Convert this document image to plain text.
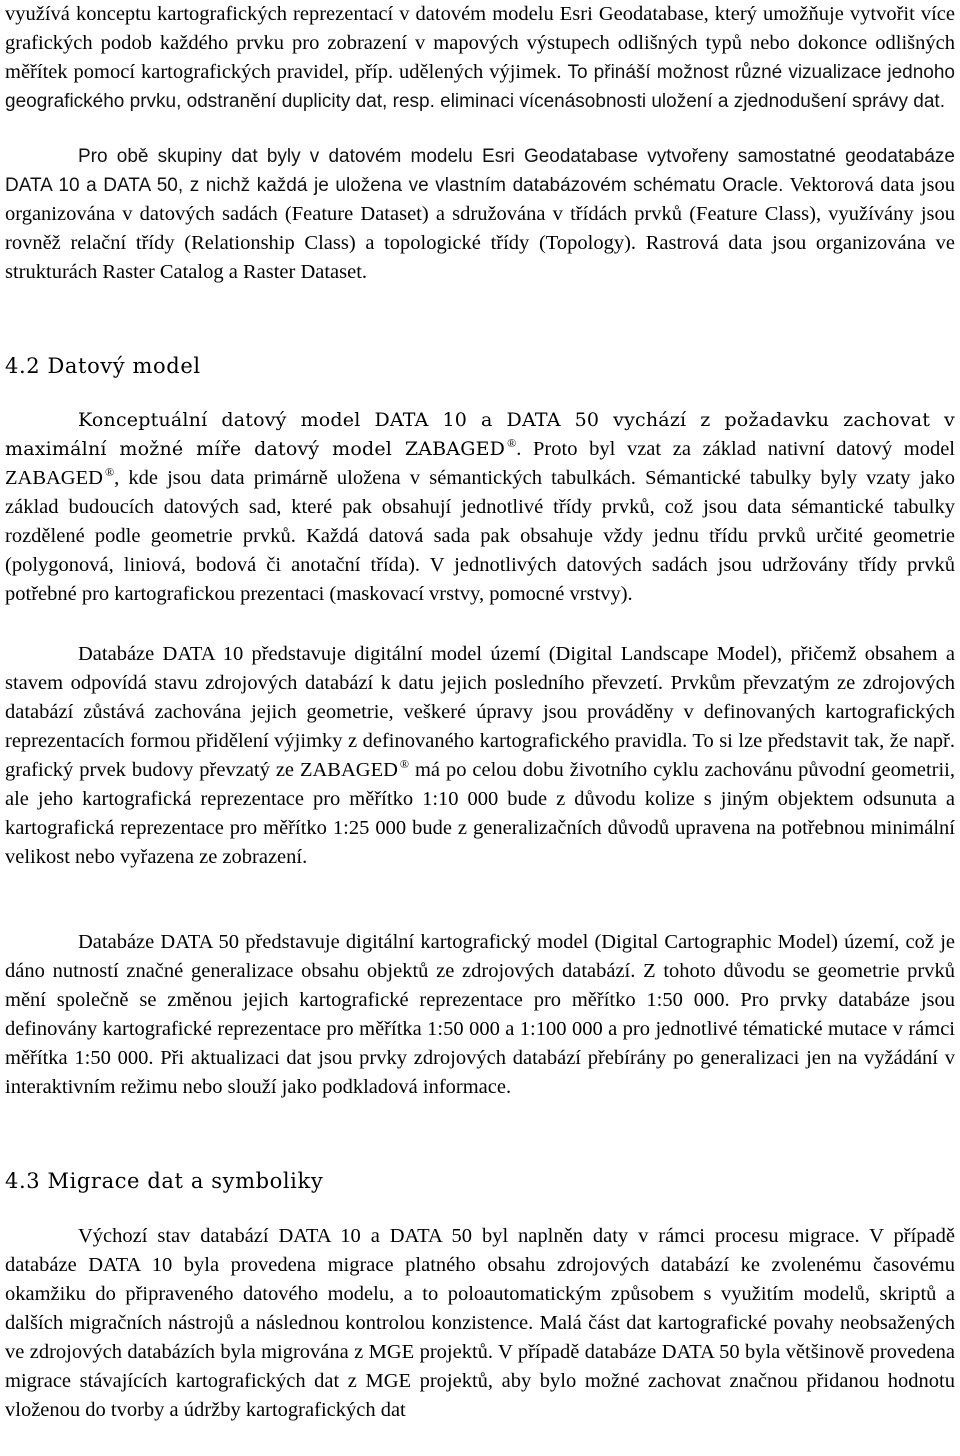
využívá konceptu kartografických reprezentací v datovém modelu Esri Geodatabase, který umožňuje vytvořit více grafických podob každého prvku pro zobrazení v mapových výstupech odlišných typů nebo dokonce odlišných měřítek pomocí kartografických pravidel, příp. udělených výjimek. To přináší možnost různé vizualizace jednoho geografického prvku, odstranění duplicity dat, resp. eliminaci vícenásobnosti uložení a zjednodušení správy dat.

Pro obě skupiny dat byly v datovém modelu Esri Geodatabase vytvořeny samostatné geodatabáze DATA 10 a DATA 50, z nichž každá je uložena ve vlastním databázovém schématu Oracle. Vektorová data jsou organizována v datových sadách (Feature Dataset) a sdružována v třídách prvků (Feature Class), využívány jsou rovněž relační třídy (Relationship Class) a topologické třídy (Topology). Rastrová data jsou organizována ve strukturách Raster Catalog a Raster Dataset.

4.2 Datový model

Konceptuální datový model DATA 10 a DATA 50 vychází z požadavku zachovat v maximální možné míře datový model ZABAGED ®. Proto byl vzat za základ nativní datový model ZABAGED ®, kde jsou data primárně uložena v sémantických tabulkách. Sémantické tabulky byly vzaty jako základ budoucích datových sad, které pak obsahují jednotlivé třídy prvků, což jsou data sémantické tabulky rozdělené podle geometrie prvků. Každá datová sada pak obsahuje vždy jednu třídu prvků určité geometrie (polygonová, liniová, bodová či anotační třída). V jednotlivých datových sadách jsou udržovány třídy prvků potřebné pro kartografickou prezentaci (maskovací vrstvy, pomocné vrstvy).

Databáze DATA 10 představuje digitální model území (Digital Landscape Model), přičemž obsahem a stavem odpovídá stavu zdrojových databází k datu jejich posledního převzetí. Prvkům převzatým ze zdrojových databází zůstává zachována jejich geometrie, veškeré úpravy jsou prováděny v definovaných kartografických reprezentacích formou přidělení výjimky z definovaného kartografického pravidla. To si lze představit tak, že např. grafický prvek budovy převzatý ze ZABAGED ® má po celou dobu životního cyklu zachovánu původní geometrii, ale jeho kartografická reprezentace pro měřítko 1:10 000 bude z důvodu kolize s jiným objektem odsunuta a kartografická reprezentace pro měřítko 1:25 000 bude z generalizačních důvodů upravena na potřebnou minimální velikost nebo vyřazena ze zobrazení.

Databáze DATA 50 představuje digitální kartografický model (Digital Cartographic Model) území, což je dáno nutností značné generalizace obsahu objektů ze zdrojových databází. Z tohoto důvodu se geometrie prvků mění společně se změnou jejich kartografické reprezentace pro měřítko 1:50 000. Pro prvky databáze jsou definovány kartografické reprezentace pro měřítka 1:50 000 a 1:100 000 a pro jednotlivé tématické mutace v rámci měřítka 1:50 000. Při aktualizaci dat jsou prvky zdrojových databází přebírány po generalizaci jen na vyžádání v interaktivním režimu nebo slouží jako podkladová informace.

4.3 Migrace dat a symboliky

Výchozí stav databází DATA 10 a DATA 50 byl naplněn daty v rámci procesu migrace. V případě databáze DATA 10 byla provedena migrace platného obsahu zdrojových databází ke zvolenému časovému okamžiku do připraveného datového modelu, a to poloautomatickým způsobem s využitím modelů, skriptů a dalších migračních nástrojů a následnou kontrolou konzistence. Malá část dat kartografické povahy neobsažených ve zdrojových databázích byla migrována z MGE projektů. V případě databáze DATA 50 byla většinově provedena migrace stávajících kartografických dat z MGE projektů, aby bylo možné zachovat značnou přidanou hodnotu vloženou do tvorby a údržby kartografických dat
